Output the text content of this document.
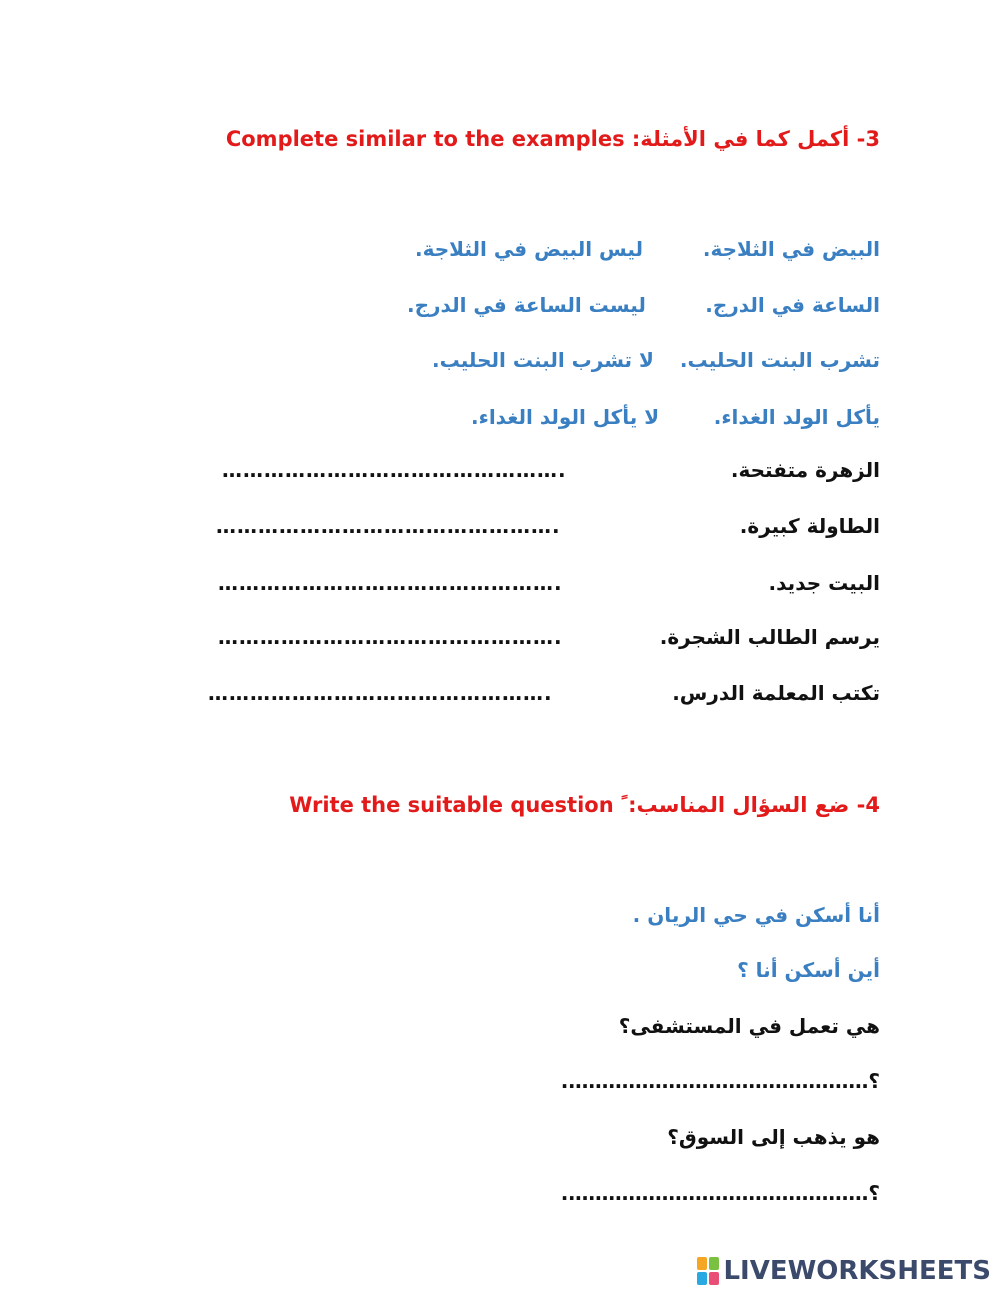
3- أكمل كما في الأمثلة: Complete similar to the examples
البيض في الثلاجة.
ليس البيض في الثلاجة.
الساعة في الدرج.
ليست الساعة في الدرج.
تشرب البنت الحليب.
لا تشرب البنت الحليب.
يأكل الولد الغداء.
لا يأكل الولد الغداء.
الزهرة متفتحة.
………………………………………….
الطاولة كبيرة.
………………………………………….
البيت جديد.
………………………………………….
يرسم الطالب الشجرة.
………………………………………….
تكتب المعلمة الدرس.
………………………………………….
4- ضع السؤال المناسب: ً Write the suitable question
أنا أسكن في حي الريان .
أين أسكن أنا ؟
هي تعمل في المستشفى؟
؟……………………………………….
هو يذهب إلى السوق؟
؟……………………………………….
LIVEWORKSHEETS
